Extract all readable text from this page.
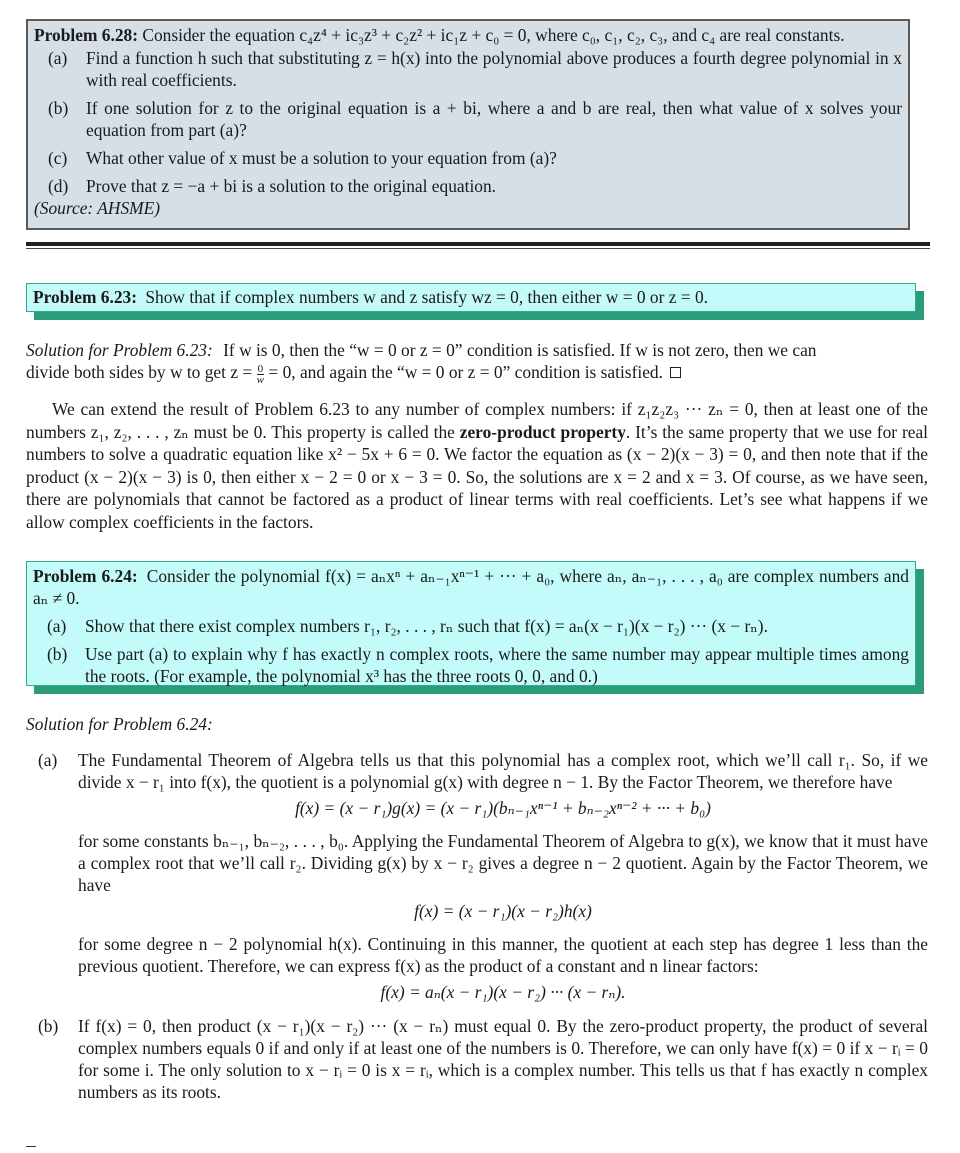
Problem 6.28: Consider the equation c₄z⁴ + ic₃z³ + c₂z² + ic₁z + c₀ = 0, where c₀, c₁, c₂, c₃, and c₄ are real constants.
(a)	Find a function h such that substituting z = h(x) into the polynomial above produces a fourth degree polynomial in x with real coefficients.
(b)	If one solution for z to the original equation is a + bi, where a and b are real, then what value of x solves your equation from part (a)?
(c)	What other value of x must be a solution to your equation from (a)?
(d)	Prove that z = −a + bi is a solution to the original equation.
(Source: AHSME)
Problem 6.23: Show that if complex numbers w and z satisfy wz = 0, then either w = 0 or z = 0.
Solution for Problem 6.23: If w is 0, then the “w = 0 or z = 0” condition is satisfied. If w is not zero, then we can
divide both sides by w to get $z = \frac{0}{w} = 0$, and again the “w = 0 or z = 0” condition is satisfied.
We can extend the result of Problem 6.23 to any number of complex numbers: if z₁z₂z₃ ··· zₙ = 0, then at least one of the numbers z₁, z₂, . . . , zₙ must be 0. This property is called the zero-product property. It’s the same property that we use for real numbers to solve a quadratic equation like x² − 5x + 6 = 0. We factor the equation as (x − 2)(x − 3) = 0, and then note that if the product (x − 2)(x − 3) is 0, then either x − 2 = 0 or x − 3 = 0. So, the solutions are x = 2 and x = 3. Of course, as we have seen, there are polynomials that cannot be factored as a product of linear terms with real coefficients. Let’s see what happens if we allow complex coefficients in the factors.
Problem 6.24: Consider the polynomial f(x) = aₙxⁿ + aₙ₋₁xⁿ⁻¹ + ··· + a₀, where aₙ, aₙ₋₁, . . . , a₀ are complex numbers and aₙ ≠ 0.
(a)	Show that there exist complex numbers r₁, r₂, . . . , rₙ such that f(x) = aₙ(x − r₁)(x − r₂) ··· (x − rₙ).
(b)	Use part (a) to explain why f has exactly n complex roots, where the same number may appear multiple times among the roots. (For example, the polynomial x³ has the three roots 0, 0, and 0.)
Solution for Problem 6.24:
(a)	The Fundamental Theorem of Algebra tells us that this polynomial has a complex root, which we’ll call r₁. So, if we divide x − r₁ into f(x), the quotient is a polynomial g(x) with degree n − 1. By the Factor Theorem, we therefore have
f(x) = (x − r₁)g(x) = (x − r₁)(bₙ₋₁xⁿ⁻¹ + bₙ₋₂xⁿ⁻² + ··· + b₀)
for some constants bₙ₋₁, bₙ₋₂, . . . , b₀. Applying the Fundamental Theorem of Algebra to g(x), we know that it must have a complex root that we’ll call r₂. Dividing g(x) by x − r₂ gives a degree n − 2 quotient. Again by the Factor Theorem, we have
f(x) = (x − r₁)(x − r₂)h(x)
for some degree n − 2 polynomial h(x). Continuing in this manner, the quotient at each step has degree 1 less than the previous quotient. Therefore, we can express f(x) as the product of a constant and n linear factors:
f(x) = aₙ(x − r₁)(x − r₂) ··· (x − rₙ).
(b)	If f(x) = 0, then product (x − r₁)(x − r₂) ··· (x − rₙ) must equal 0. By the zero-product property, the product of several complex numbers equals 0 if and only if at least one of the numbers is 0. Therefore, we can only have f(x) = 0 if x − rᵢ = 0 for some i. The only solution to x − rᵢ = 0 is x = rᵢ, which is a complex number. This tells us that f has exactly n complex numbers as its roots.
